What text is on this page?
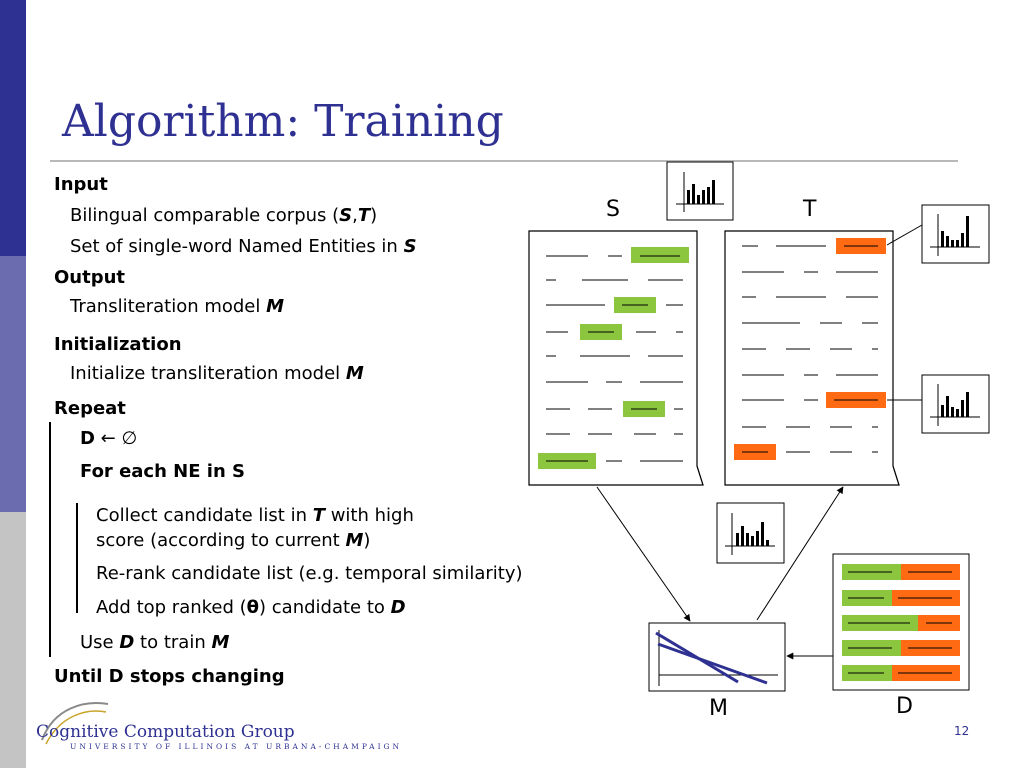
Algorithm: Training
Input
Bilingual comparable corpus (S,T)
Set of single-word Named Entities in S
Output
Transliteration model M
Initialization
Initialize transliteration model M
Repeat
D ← ∅
For each NE in S
Collect candidate list in T with high
score (according to current M)
Re-rank candidate list (e.g. temporal similarity)
Add top ranked (θ) candidate to D
Use D to train M
Until D stops changing
S	T
M	D
Cognitive Computation Group
UNIVERSITY OF ILLINOIS AT URBANA-CHAMPAIGN
12
